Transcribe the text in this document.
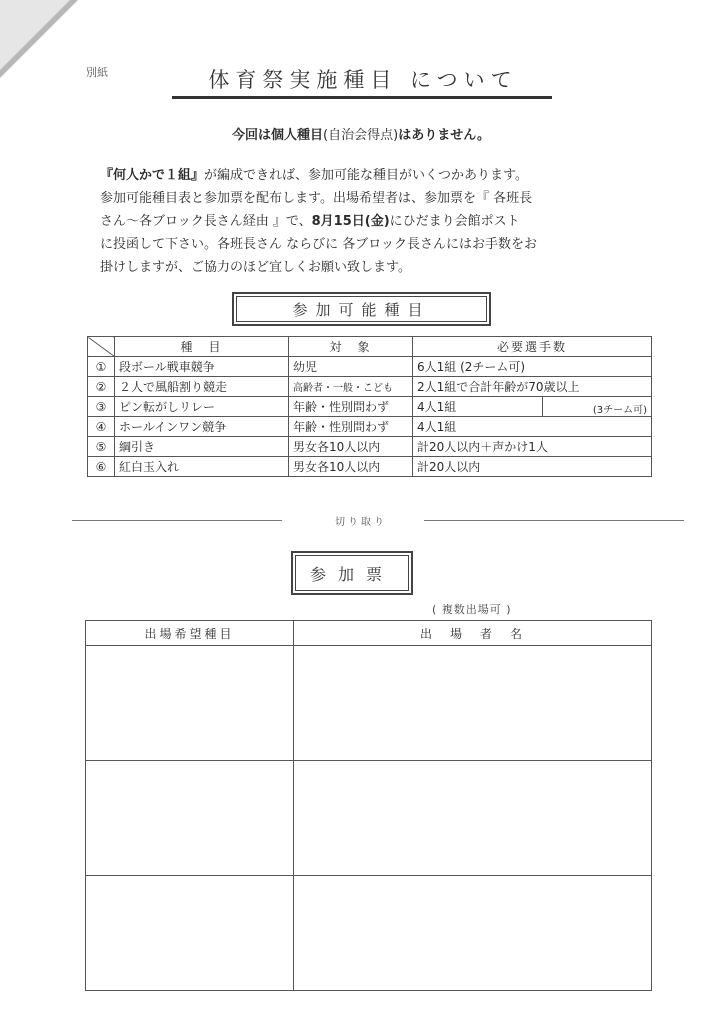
別紙	体育祭実施種目 について
今回は個人種目(自治会得点)はありません。

『何人かで１組』が編成できれば、参加可能な種目がいくつかあります。

参加可能種目表と参加票を配布します。出場希望者は、参加票を『 各班長

さん～各ブロック長さん経由 』で、8月15日(金)にひだまり会館ポスト

に投函して下さい。各班長さん ならびに 各ブロック長さんにはお手数をお

掛けしますが、ご協力のほど宜しくお願い致します。

参加可能種目
	種　目	対　象	必要選手数
①	段ボール戦車競争	幼児	6人1組 (2チーム可)
②	２人で風船割り競走	高齢者・一般・こども	2人1組で合計年齢が70歳以上
③	ピン転がしリレー	年齢・性別問わず	4人1組 (3チーム可)

④	ホールインワン競争	年齢・性別問わず	4人1組
⑤	綱引き	男女各10人以内	計20人以内＋声かけ1人
⑥	紅白玉入れ	男女各10人以内	計20人以内
切り取り
参加票
( 複数出場可 )
出場希望種目	出　場　者　名
